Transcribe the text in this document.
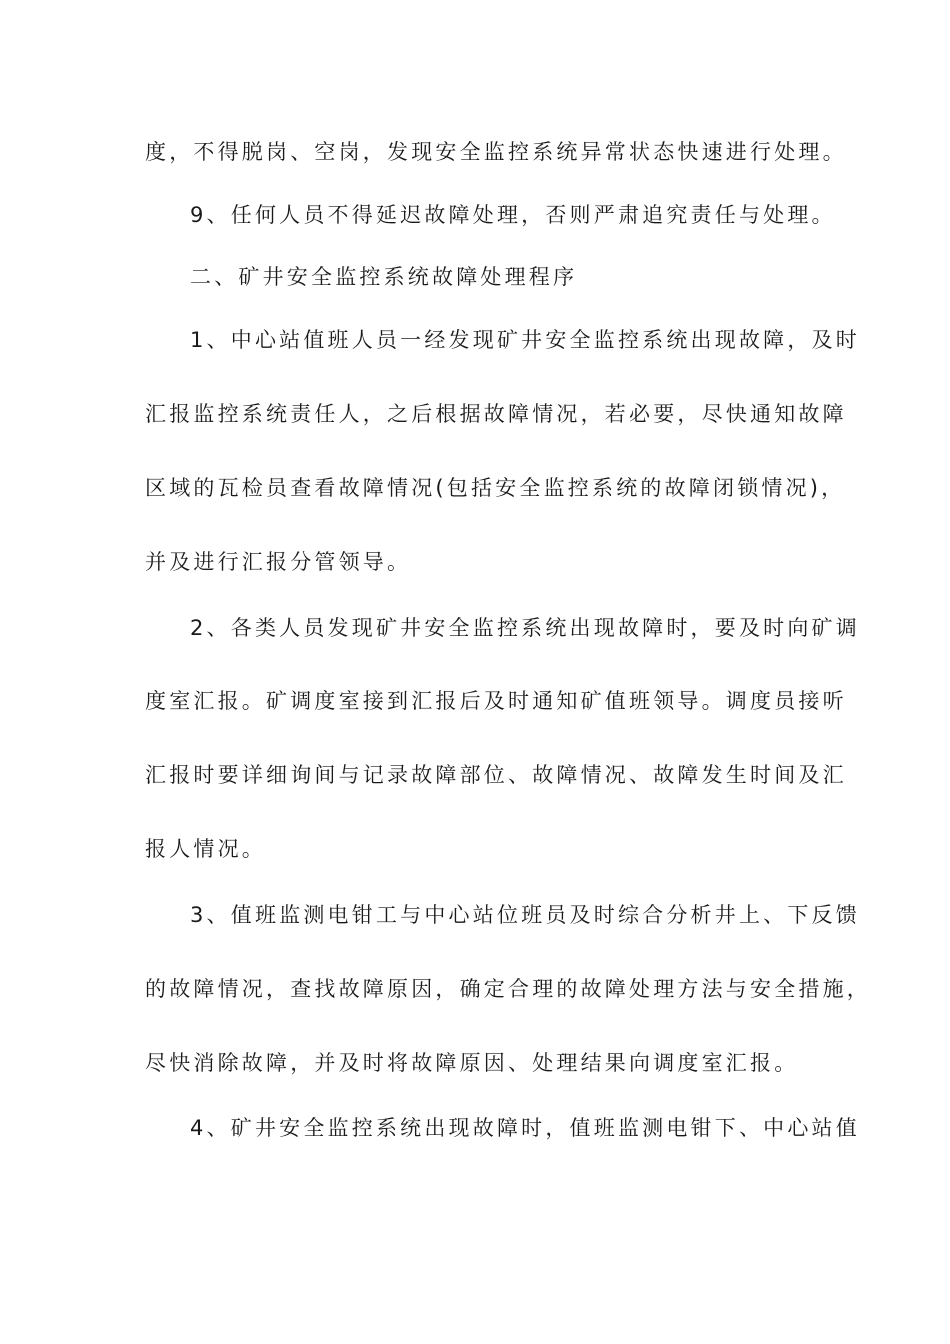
度，不得脱岗、空岗，发现安全监控系统异常状态快速进行处理。
9、任何人员不得延迟故障处理，否则严肃追究责任与处理。
二、矿井安全监控系统故障处理程序
1、中心站值班人员一经发现矿井安全监控系统出现故障，及时
汇报监控系统责任人，之后根据故障情况，若必要，尽快通知故障
区域的瓦检员查看故障情况(包括安全监控系统的故障闭锁情况)，
并及进行汇报分管领导。
2、各类人员发现矿井安全监控系统出现故障时，要及时向矿调
度室汇报。矿调度室接到汇报后及时通知矿值班领导。调度员接听
汇报时要详细询间与记录故障部位、故障情况、故障发生时间及汇
报人情况。
3、值班监测电钳工与中心站位班员及时综合分析井上、下反馈
的故障情况，查找故障原因，确定合理的故障处理方法与安全措施，
尽快消除故障，并及时将故障原因、处理结果向调度室汇报。
4、矿井安全监控系统出现故障时，值班监测电钳下、中心站值
